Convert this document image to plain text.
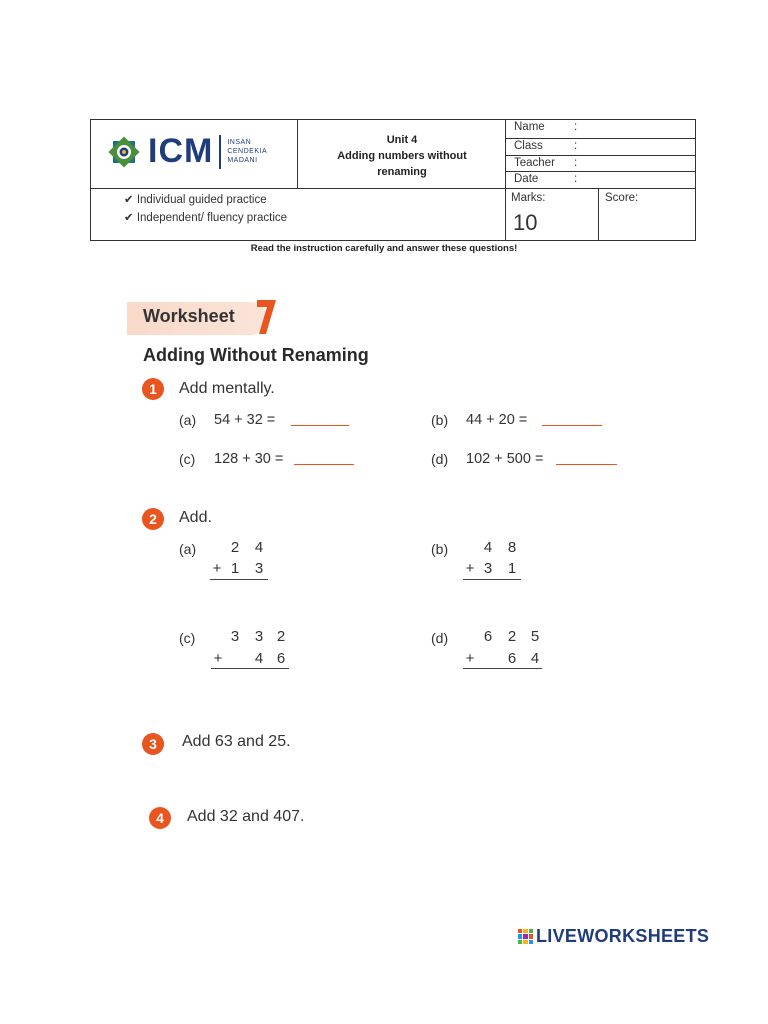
ICM INSAN
CENDEKIA
MADANI
Unit 4
Adding numbers without
renaming
Name	:
Class	:
Teacher :
Date	:
✔ Individual guided practice
✔ Independent/ fluency practice
Marks:
10
Score:
Read the instruction carefully and answer these questions!
Worksheet
Adding Without Renaming
1	Add mentally.
(a) 54 + 32 =	(b) 44 + 20 =
(c) 128 + 30 =	(d) 102 + 500 =
2	Add.
(a) 2 4
+ 1 3
(b) 4 8
+ 3 1
(c) 3 3 2
+ 4 6
(d) 6 2 5
+ 6 4
3	Add 63 and 25.
4	Add 32 and 407.
LIVEWORKSHEETS
